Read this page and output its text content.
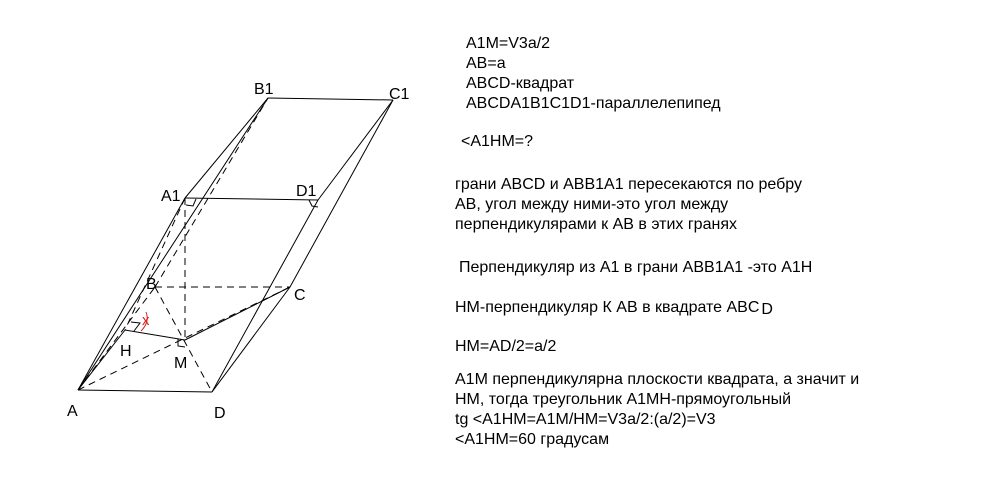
x
B1	C1
A1	D1
B
C
H
M
A	D
A1M=V3a/2
AB=a
ABCD-квадрат
ABCDA1B1C1D1-параллелепипед
<A1HM=?
грани ABCD и ABB1A1 пересекаются по ребру
AB, угол между ними-это угол между
перпендикулярами к AB в этих гранях
Перпендикуляр из A1 в грани ABB1A1 -это A1H
HM-перпендикуляр К AB в квадрате ABC D
HM=AD/2=a/2
A1M перпендикулярна плоскости квадрата, а значит и
HM, тогда треугольник A1MH-прямоугольный
tg <A1HM=A1M/HM=V3a/2:(a/2)=V3
<A1HM=60 градусам
